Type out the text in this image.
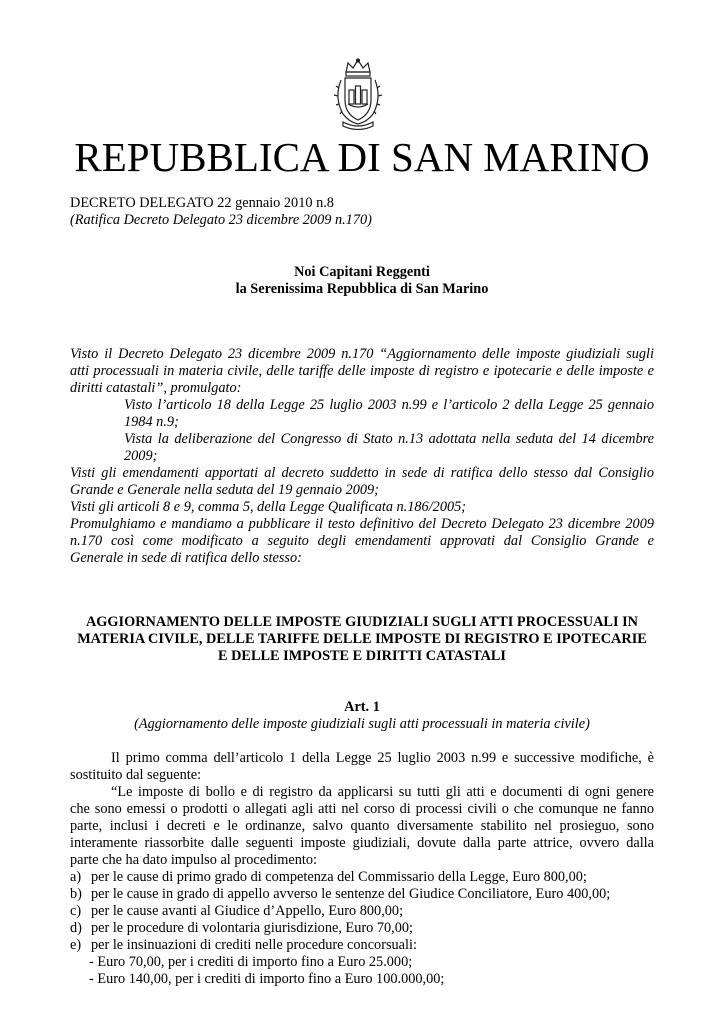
REPUBBLICA DI SAN MARINO
DECRETO DELEGATO 22 gennaio 2010 n.8
(Ratifica Decreto Delegato 23 dicembre 2009 n.170)
Noi Capitani Reggenti
la Serenissima Repubblica di San Marino
Visto il Decreto Delegato 23 dicembre 2009 n.170 “Aggiornamento delle imposte giudiziali sugli
atti processuali in materia civile, delle tariffe delle imposte di registro e ipotecarie e delle imposte e
diritti catastali”, promulgato:
Visto l’articolo 18 della Legge 25 luglio 2003 n.99 e l’articolo 2 della Legge 25 gennaio
1984 n.9;
Vista la deliberazione del Congresso di Stato n.13 adottata nella seduta del 14 dicembre
2009;
Visti gli emendamenti apportati al decreto suddetto in sede di ratifica dello stesso dal Consiglio
Grande e Generale nella seduta del 19 gennaio 2009;
Visti gli articoli 8 e 9, comma 5, della Legge Qualificata n.186/2005;
Promulghiamo e mandiamo a pubblicare il testo definitivo del Decreto Delegato 23 dicembre 2009
n.170 così come modificato a seguito degli emendamenti approvati dal Consiglio Grande e
Generale in sede di ratifica dello stesso:
AGGIORNAMENTO DELLE IMPOSTE GIUDIZIALI SUGLI ATTI PROCESSUALI IN
MATERIA CIVILE, DELLE TARIFFE DELLE IMPOSTE DI REGISTRO E IPOTECARIE
E DELLE IMPOSTE E DIRITTI CATASTALI
Art. 1
(Aggiornamento delle imposte giudiziali sugli atti processuali in materia civile)
Il primo comma dell’articolo 1 della Legge 25 luglio 2003 n.99 e successive modifiche, è
sostituito dal seguente:
“Le imposte di bollo e di registro da applicarsi su tutti gli atti e documenti di ogni genere
che sono emessi o prodotti o allegati agli atti nel corso di processi civili o che comunque ne fanno
parte, inclusi i decreti e le ordinanze, salvo quanto diversamente stabilito nel prosieguo, sono
interamente riassorbite dalle seguenti imposte giudiziali, dovute dalla parte attrice, ovvero dalla
parte che ha dato impulso al procedimento:
a) per le cause di primo grado di competenza del Commissario della Legge, Euro 800,00;
b) per le cause in grado di appello avverso le sentenze del Giudice Conciliatore, Euro 400,00;
c) per le cause avanti al Giudice d’Appello, Euro 800,00;
d) per le procedure di volontaria giurisdizione, Euro 70,00;
e) per le insinuazioni di crediti nelle procedure concorsuali:
- Euro 70,00, per i crediti di importo fino a Euro 25.000;
- Euro 140,00, per i crediti di importo fino a Euro 100.000,00;
